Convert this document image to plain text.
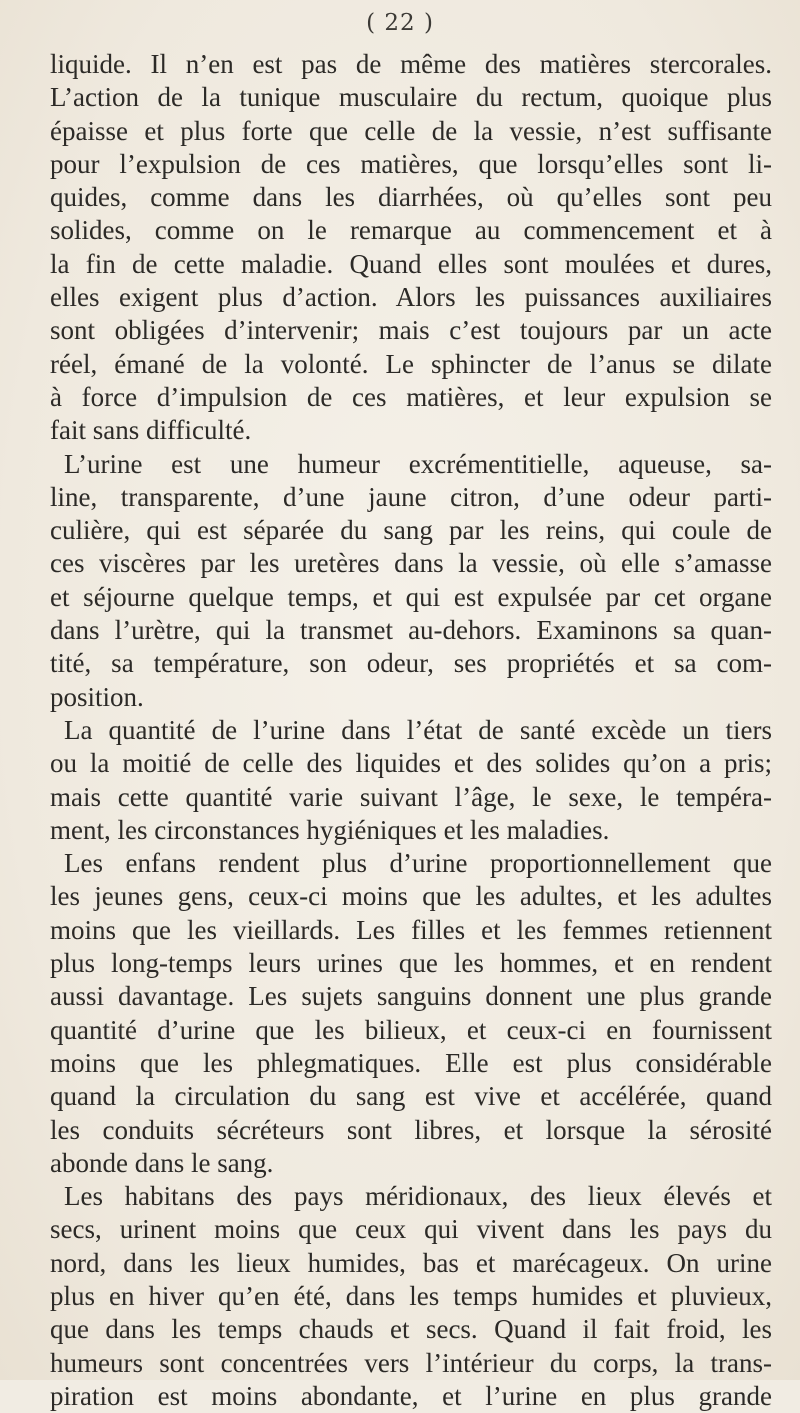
( 22 )

liquide. Il n’en est pas de même des matières stercorales.
L’action de la tunique musculaire du rectum, quoique plus
épaisse et plus forte que celle de la vessie, n’est suffisante
pour l’expulsion de ces matières, que lorsqu’elles sont li-
quides, comme dans les diarrhées, où qu’elles sont peu
solides, comme on le remarque au commencement et à
la fin de cette maladie. Quand elles sont moulées et dures,
elles exigent plus d’action. Alors les puissances auxiliaires
sont obligées d’intervenir; mais c’est toujours par un acte
réel, émané de la volonté. Le sphincter de l’anus se dilate
à force d’impulsion de ces matières, et leur expulsion se
fait sans difficulté.
L’urine est une humeur excrémentitielle, aqueuse, sa-
line, transparente, d’une jaune citron, d’une odeur parti-
culière, qui est séparée du sang par les reins, qui coule de
ces viscères par les uretères dans la vessie, où elle s’amasse
et séjourne quelque temps, et qui est expulsée par cet organe
dans l’urètre, qui la transmet au-dehors. Examinons sa quan-
tité, sa température, son odeur, ses propriétés et sa com-
position.
La quantité de l’urine dans l’état de santé excède un tiers
ou la moitié de celle des liquides et des solides qu’on a pris;
mais cette quantité varie suivant l’âge, le sexe, le tempéra-
ment, les circonstances hygiéniques et les maladies.
Les enfans rendent plus d’urine proportionnellement que
les jeunes gens, ceux-ci moins que les adultes, et les adultes
moins que les vieillards. Les filles et les femmes retiennent
plus long-temps leurs urines que les hommes, et en rendent
aussi davantage. Les sujets sanguins donnent une plus grande
quantité d’urine que les bilieux, et ceux-ci en fournissent
moins que les phlegmatiques. Elle est plus considérable
quand la circulation du sang est vive et accélérée, quand
les conduits sécréteurs sont libres, et lorsque la sérosité
abonde dans le sang.
Les habitans des pays méridionaux, des lieux élevés et
secs, urinent moins que ceux qui vivent dans les pays du
nord, dans les lieux humides, bas et marécageux. On urine
plus en hiver qu’en été, dans les temps humides et pluvieux,
que dans les temps chauds et secs. Quand il fait froid, les
humeurs sont concentrées vers l’intérieur du corps, la trans-
piration est moins abondante, et l’urine en plus grande
